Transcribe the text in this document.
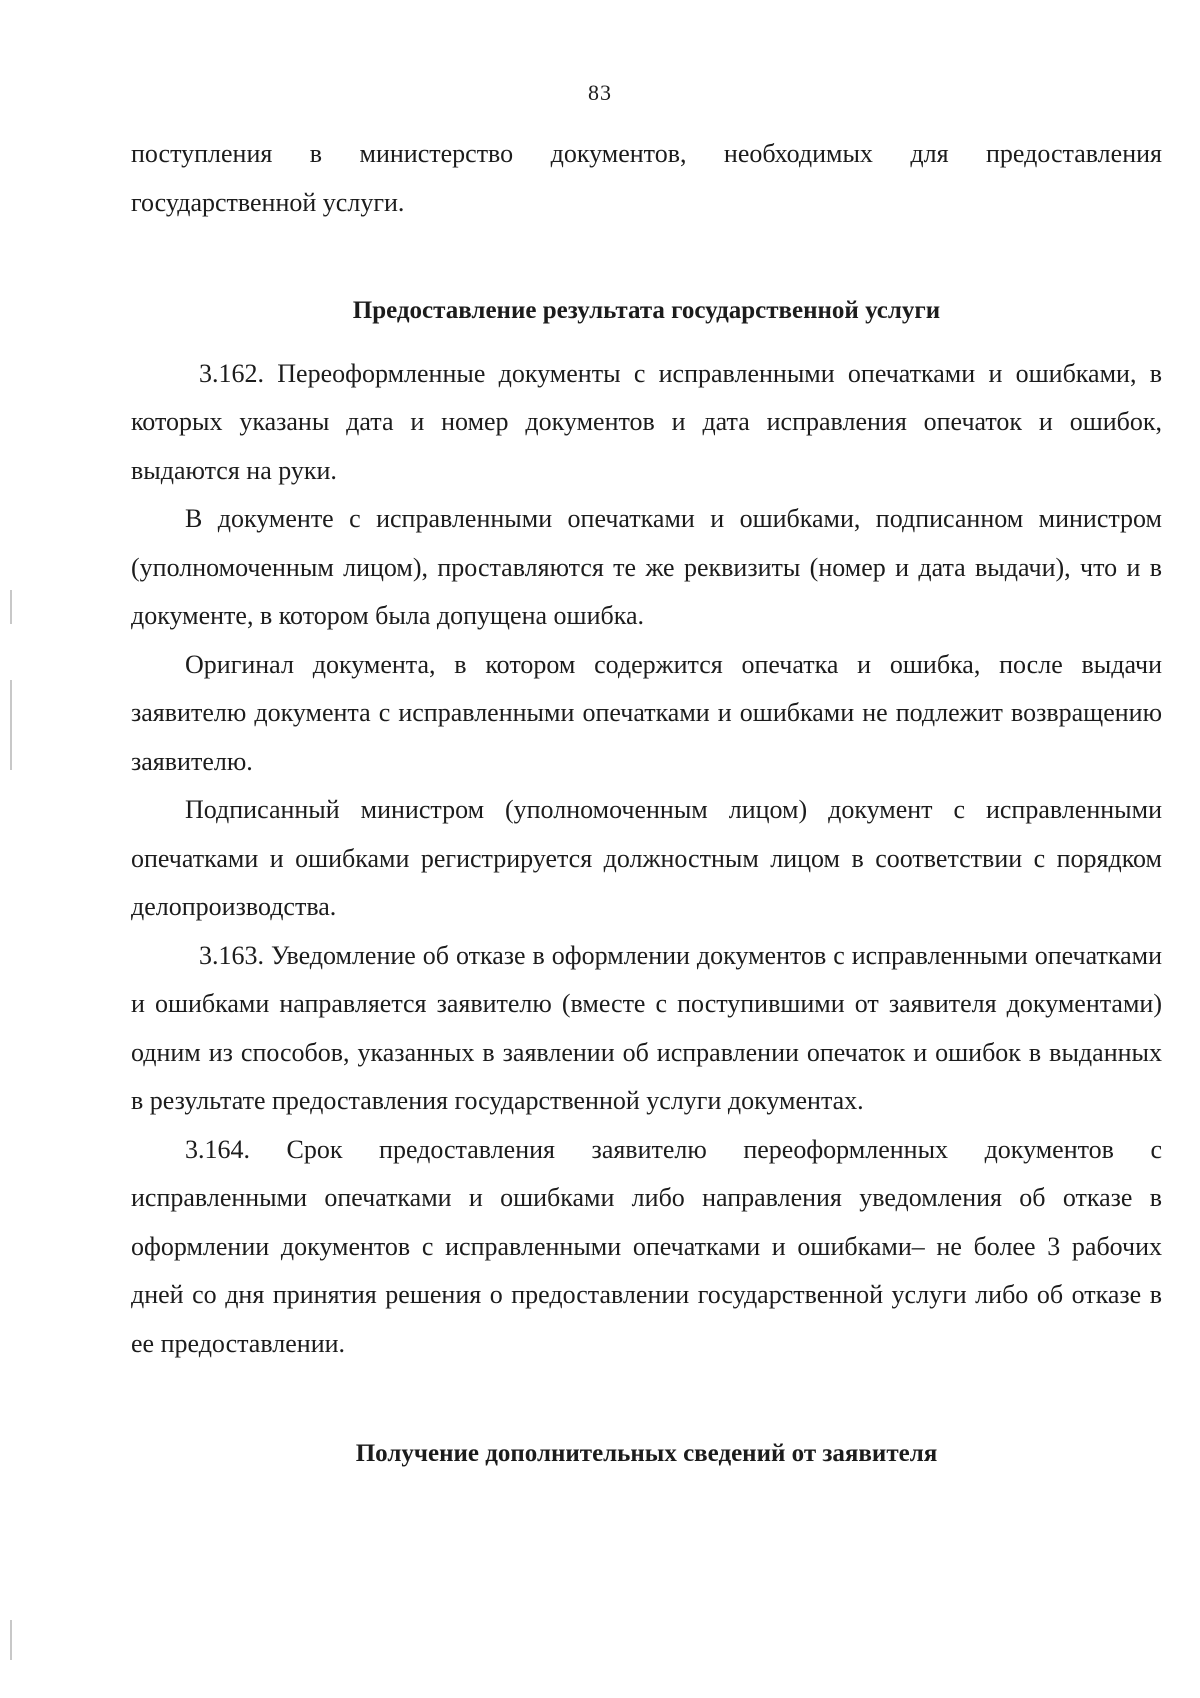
83

поступления в министерство документов, необходимых для предоставления государственной услуги.

Предоставление результата государственной услуги

3.162. Переоформленные документы с исправленными опечатками и ошибками, в которых указаны дата и номер документов и дата исправления опечаток и ошибок, выдаются на руки.

В документе с исправленными опечатками и ошибками, подписанном министром (уполномоченным лицом), проставляются те же реквизиты (номер и дата выдачи), что и в документе, в котором была допущена ошибка.

Оригинал документа, в котором содержится опечатка и ошибка, после выдачи заявителю документа с исправленными опечатками и ошибками не подлежит возвращению заявителю.

Подписанный министром (уполномоченным лицом) документ с исправленными опечатками и ошибками регистрируется должностным лицом в соответствии с порядком делопроизводства.

3.163. Уведомление об отказе в оформлении документов с исправленными опечатками и ошибками направляется заявителю (вместе с поступившими от заявителя документами) одним из способов, указанных в заявлении об исправлении опечаток и ошибок в выданных в результате предоставления государственной услуги документах.

3.164. Срок предоставления заявителю переоформленных документов с исправленными опечатками и ошибками либо направления уведомления об отказе в оформлении документов с исправленными опечатками и ошибками– не более 3 рабочих дней со дня принятия решения о предоставлении государственной услуги либо об отказе в ее предоставлении.

Получение дополнительных сведений от заявителя
